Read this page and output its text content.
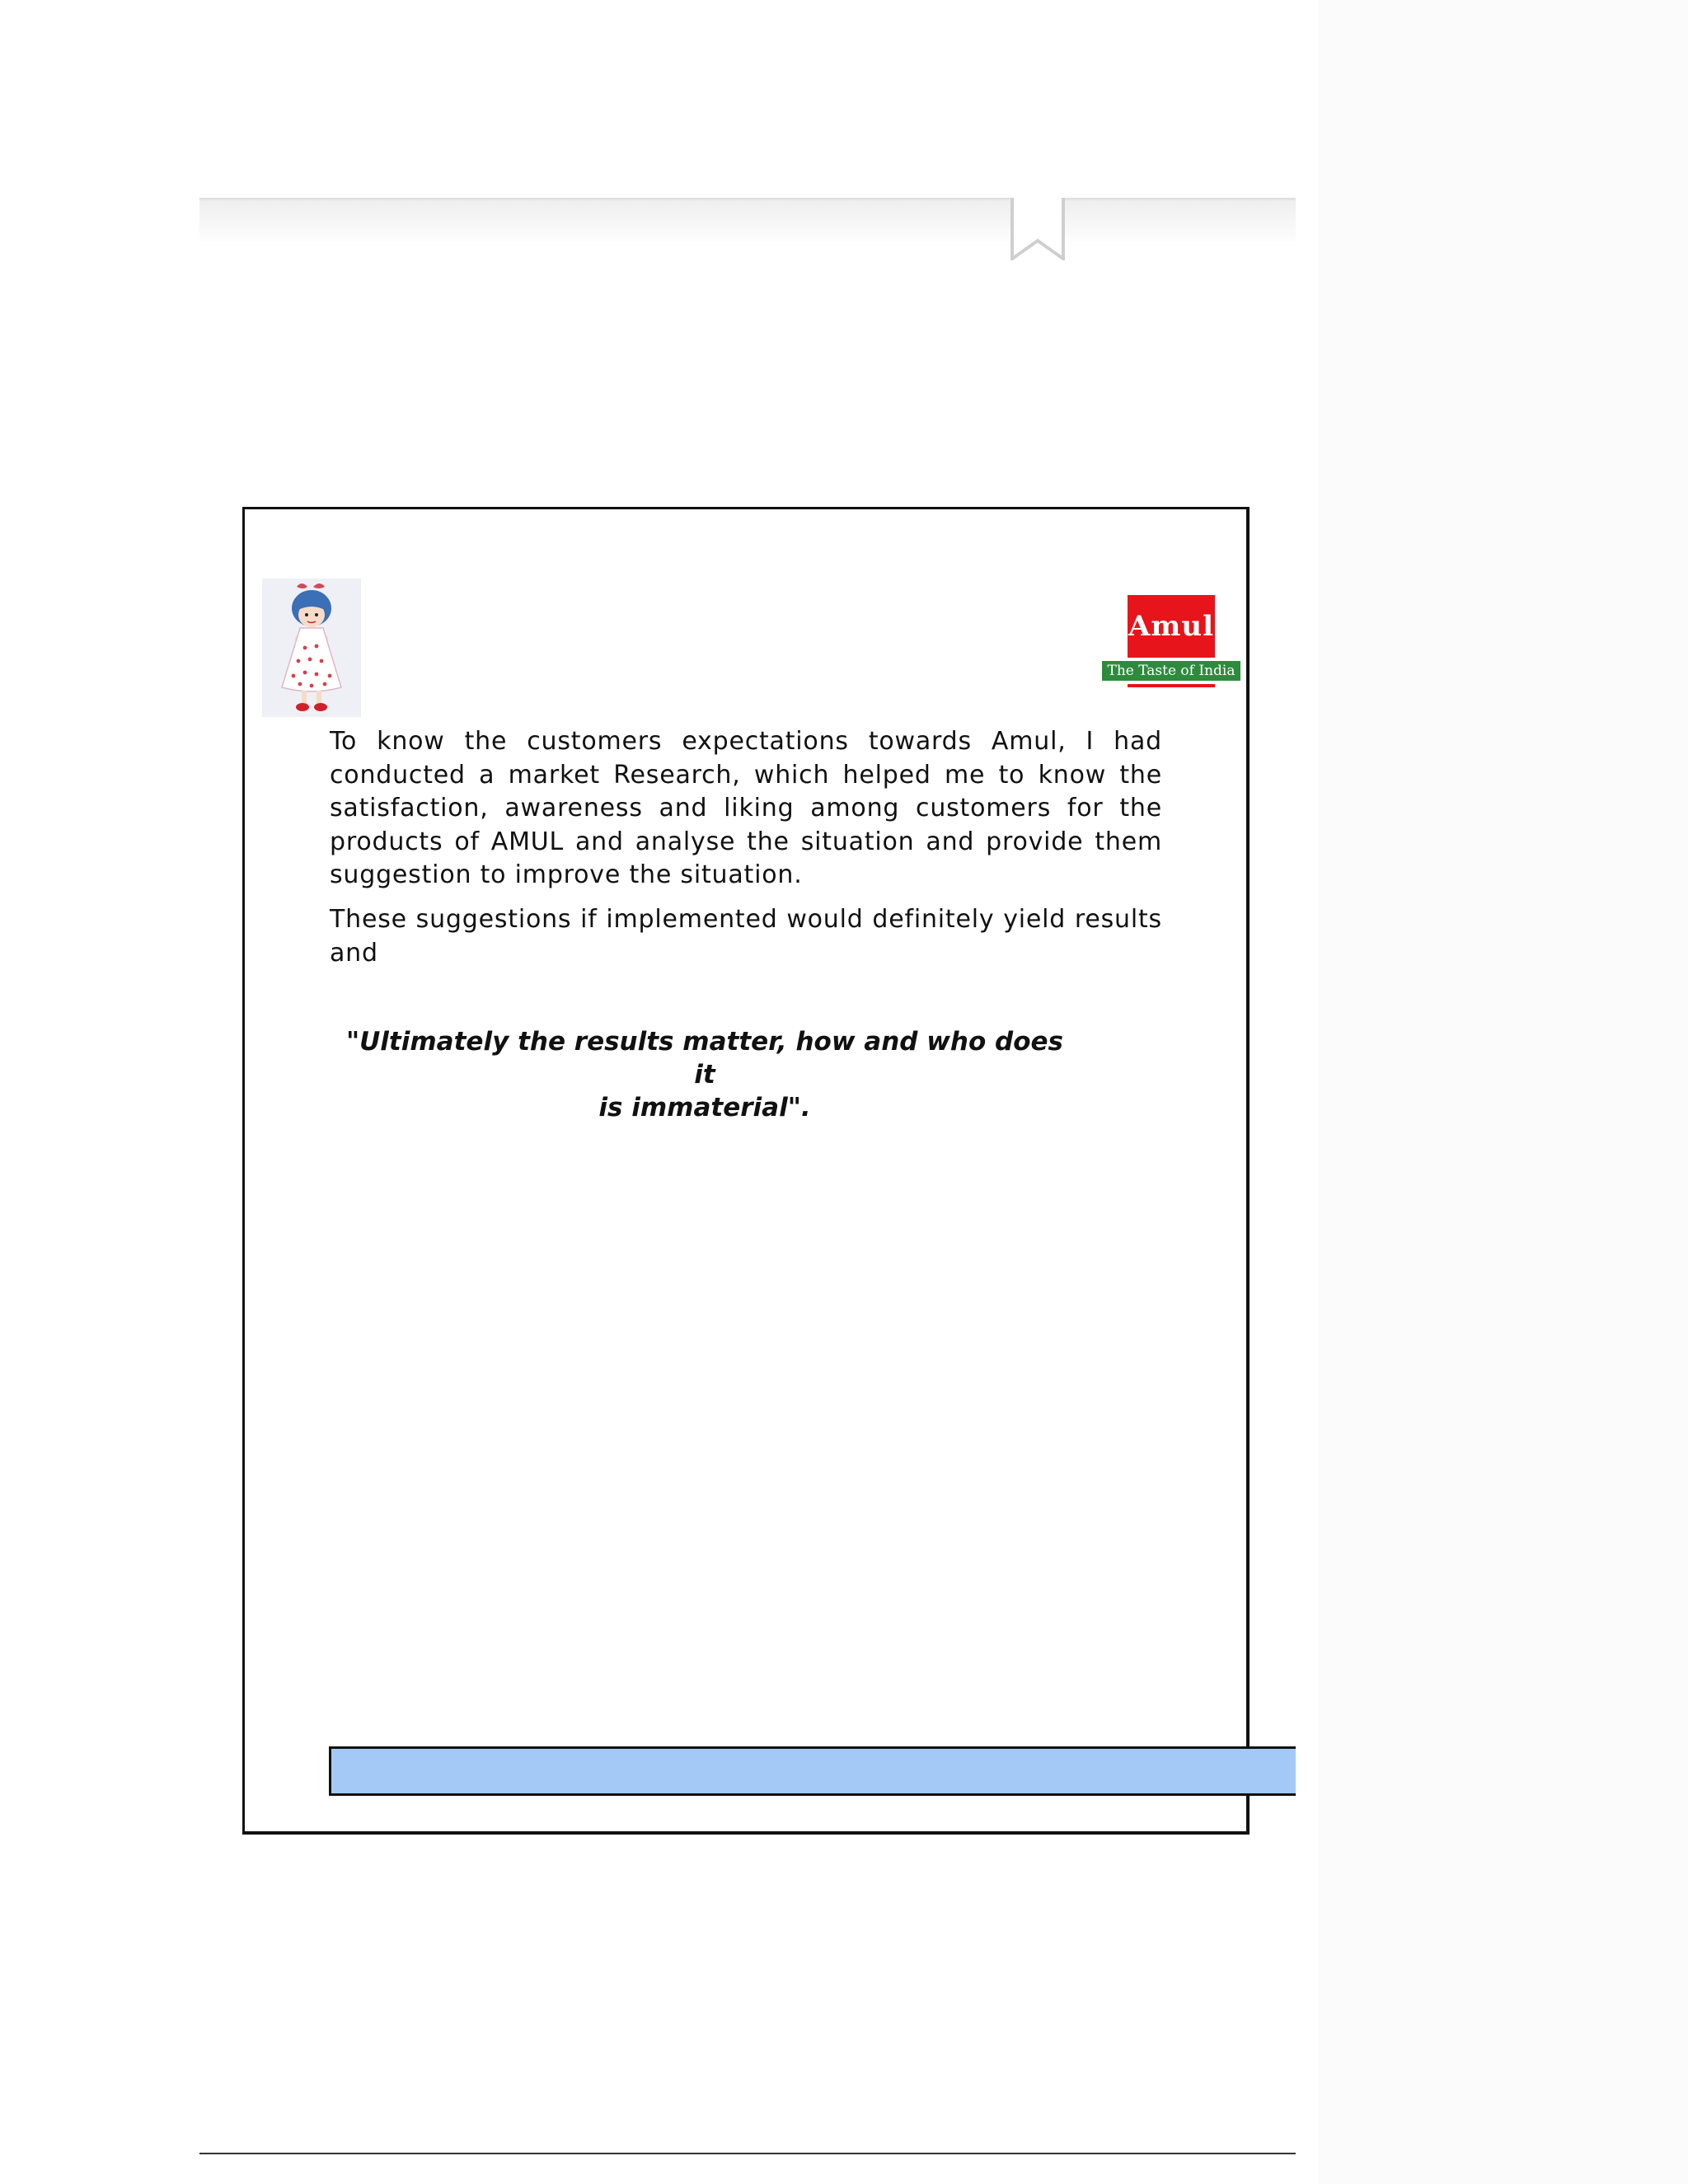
Amul
The Taste of India

To know the customers expectations towards Amul, I had conducted a market Research, which helped me to know the satisfaction, awareness and liking among customers for the products of AMUL and analyse the situation and provide them suggestion to improve the situation.

These suggestions if implemented would definitely yield results and

"Ultimately the results matter, how and who does it
is immaterial".
